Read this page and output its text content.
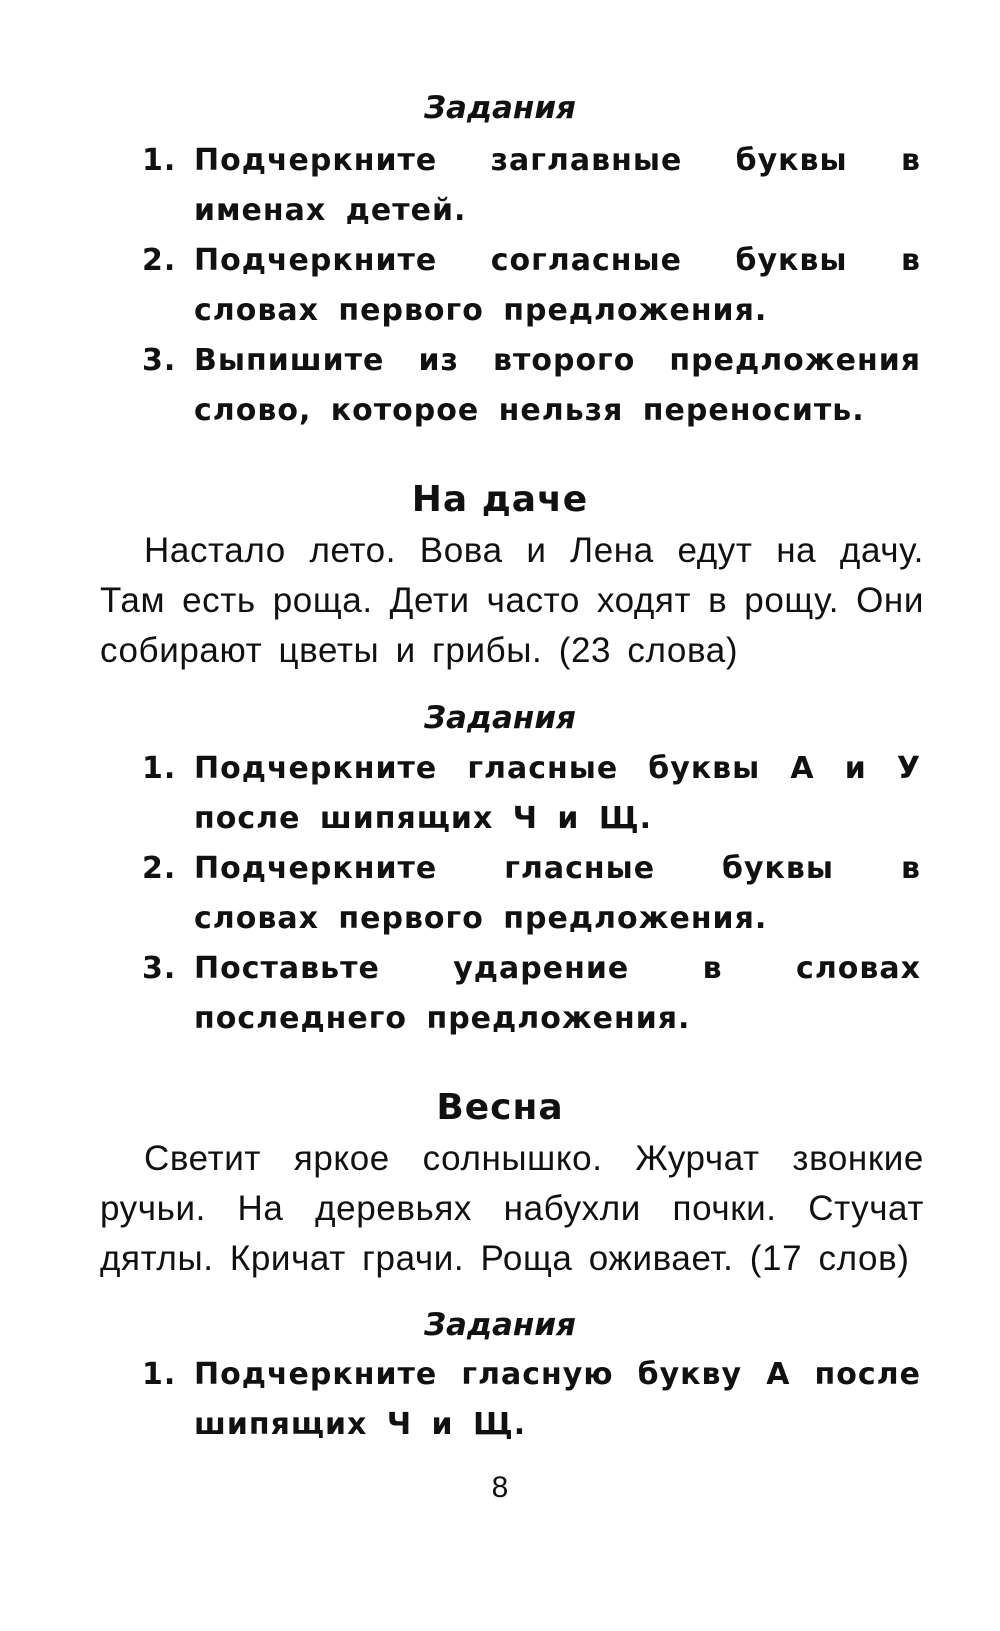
Задания
1. Подчеркните заглавные буквы в именах детей.
2. Подчеркните согласные буквы в словах первого предложения.
3. Выпишите из второго предложения слово, которое нельзя переносить.
На даче

Настало лето. Вова и Лена едут на дачу. Там есть роща. Дети часто ходят в рощу. Они собирают цветы и грибы. (23 слова)

Задания
1. Подчеркните гласные буквы А и У после шипящих Ч и Щ.
2. Подчеркните гласные буквы в словах первого предложения.
3. Поставьте ударение в словах последнего предложения.
Весна

Светит яркое солнышко. Журчат звонкие ручьи. На деревьях набухли почки. Стучат дятлы. Кричат грачи. Роща оживает. (17 слов)

Задания
1. Подчеркните гласную букву А после шипящих Ч и Щ.
8
